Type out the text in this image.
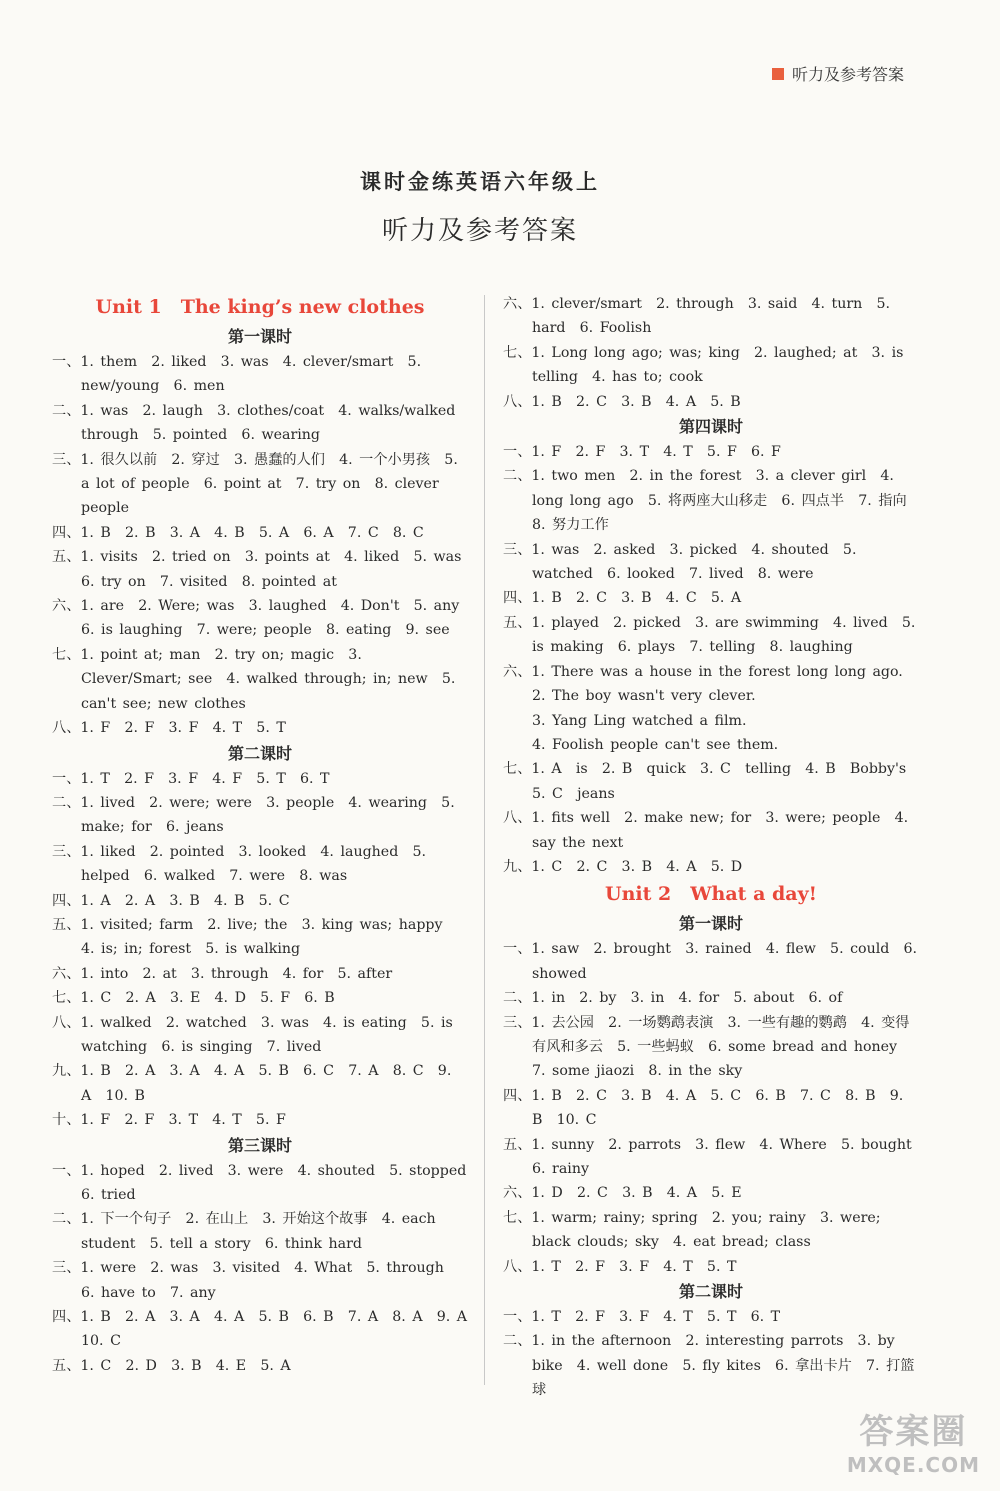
听力及参考答案
课时金练英语六年级上
听力及参考答案
Unit 1　The king’s new clothes
第一课时
一、1. them　2. liked　3. was　4. clever/smart　5. new/young　6. men
二、1. was　2. laugh　3. clothes/coat　4. walks/walked through　5. pointed　6. wearing
三、1. 很久以前　2. 穿过　3. 愚蠢的人们　4. 一个小男孩　5. a lot of people　6. point at　7. try on　8. clever people
四、1. B　2. B　3. A　4. B　5. A　6. A　7. C　8. C
五、1. visits　2. tried on　3. points at　4. liked　5. was　6. try on　7. visited　8. pointed at
六、1. are　2. Were; was　3. laughed　4. Don't　5. any　6. is laughing　7. were; people　8. eating　9. see
七、1. point at; man　2. try on; magic　3. Clever/Smart; see　4. walked through; in; new　5. can't see; new clothes
八、1. F　2. F　3. F　4. T　5. T
第二课时
一、1. T　2. F　3. F　4. F　5. T　6. T
二、1. lived　2. were; were　3. people　4. wearing　5. make; for　6. jeans
三、1. liked　2. pointed　3. looked　4. laughed　5. helped　6. walked　7. were　8. was
四、1. A　2. A　3. B　4. B　5. C
五、1. visited; farm　2. live; the　3. king was; happy　4. is; in; forest　5. is walking
六、1. into　2. at　3. through　4. for　5. after
七、1. C　2. A　3. E　4. D　5. F　6. B
八、1. walked　2. watched　3. was　4. is eating　5. is watching　6. is singing　7. lived
九、1. B　2. A　3. A　4. A　5. B　6. C　7. A　8. C　9. A　10. B
十、1. F　2. F　3. T　4. T　5. F
第三课时
一、1. hoped　2. lived　3. were　4. shouted　5. stopped　6. tried
二、1. 下一个句子　2. 在山上　3. 开始这个故事　4. each student　5. tell a story　6. think hard
三、1. were　2. was　3. visited　4. What　5. through　6. have to　7. any
四、1. B　2. A　3. A　4. A　5. B　6. B　7. A　8. A　9. A　10. C
五、1. C　2. D　3. B　4. E　5. A
六、1. clever/smart　2. through　3. said　4. turn　5. hard　6. Foolish
七、1. Long long ago; was; king　2. laughed; at　3. is telling　4. has to; cook
八、1. B　2. C　3. B　4. A　5. B
第四课时
一、1. F　2. F　3. T　4. T　5. F　6. F
二、1. two men　2. in the forest　3. a clever girl　4. long long ago　5. 将两座大山移走　6. 四点半　7. 指向　8. 努力工作
三、1. was　2. asked　3. picked　4. shouted　5. watched　6. looked　7. lived　8. were
四、1. B　2. C　3. B　4. C　5. A
五、1. played　2. picked　3. are swimming　4. lived　5. is making　6. plays　7. telling　8. laughing
六、1. There was a house in the forest long long ago.
2. The boy wasn't very clever.
3. Yang Ling watched a film.
4. Foolish people can't see them.
七、1. A　is　2. B　quick　3. C　telling　4. B　Bobby's　5. C　jeans
八、1. fits well　2. make new; for　3. were; people　4. say the next
九、1. C　2. C　3. B　4. A　5. D
Unit 2　What a day!
第一课时
一、1. saw　2. brought　3. rained　4. flew　5. could　6. showed
二、1. in　2. by　3. in　4. for　5. about　6. of
三、1. 去公园　2. 一场鹦鹉表演　3. 一些有趣的鹦鹉　4. 变得有风和多云　5. 一些蚂蚁　6. some bread and honey　7. some jiaozi　8. in the sky
四、1. B　2. C　3. B　4. A　5. C　6. B　7. C　8. B　9. B　10. C
五、1. sunny　2. parrots　3. flew　4. Where　5. bought　6. rainy
六、1. D　2. C　3. B　4. A　5. E
七、1. warm; rainy; spring　2. you; rainy　3. were; black clouds; sky　4. eat bread; class
八、1. T　2. F　3. F　4. T　5. T
第二课时
一、1. T　2. F　3. F　4. T　5. T　6. T
二、1. in the afternoon　2. interesting parrots　3. by bike　4. well done　5. fly kites　6. 拿出卡片　7. 打篮球
答案圈
MXQE.COM
